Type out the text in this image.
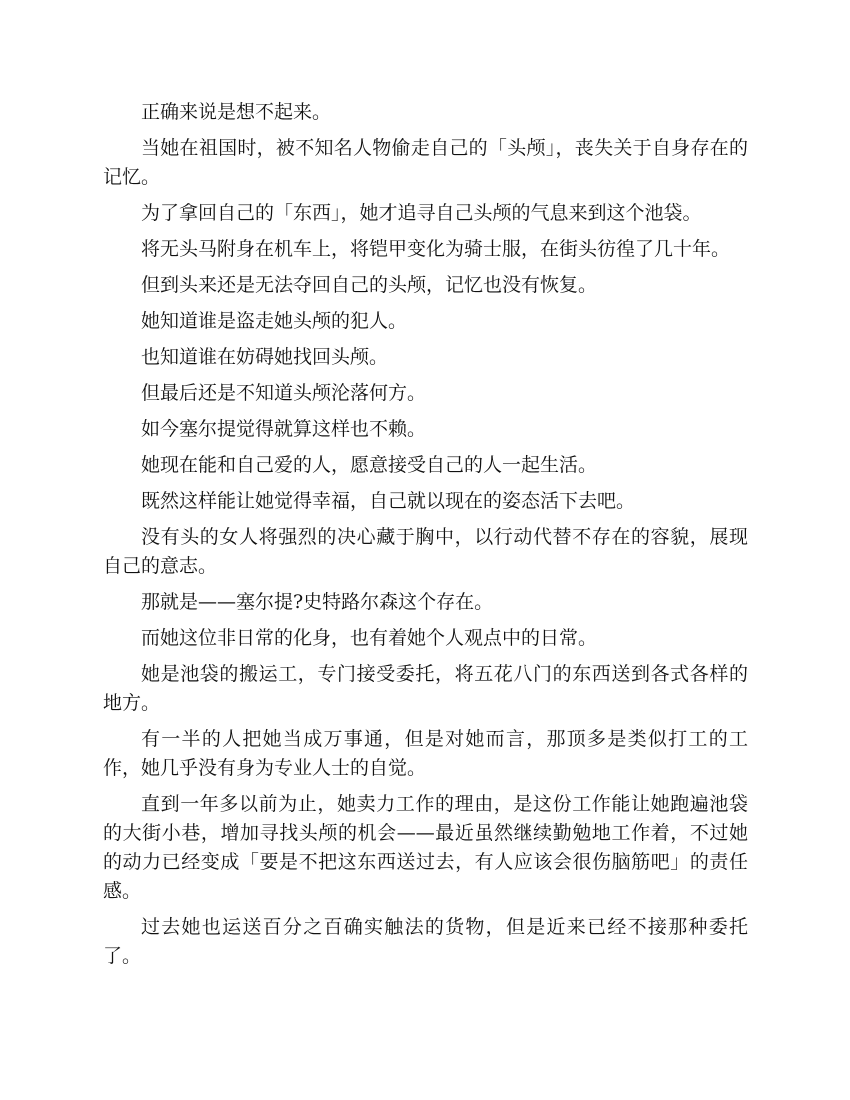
正确来说是想不起来。

当她在祖国时，被不知名人物偷走自己的「头颅」，丧失关于自身存在的记忆。

为了拿回自己的「东西」，她才追寻自己头颅的气息来到这个池袋。

将无头马附身在机车上，将铠甲变化为骑士服，在街头彷徨了几十年。

但到头来还是无法夺回自己的头颅，记忆也没有恢复。

她知道谁是盗走她头颅的犯人。

也知道谁在妨碍她找回头颅。

但最后还是不知道头颅沦落何方。

如今塞尔提觉得就算这样也不赖。

她现在能和自己爱的人，愿意接受自己的人一起生活。

既然这样能让她觉得幸福，自己就以现在的姿态活下去吧。

没有头的女人将强烈的决心藏于胸中，以行动代替不存在的容貌，展现自己的意志。

那就是——塞尔提?史特路尔森这个存在。

而她这位非日常的化身，也有着她个人观点中的日常。

她是池袋的搬运工，专门接受委托，将五花八门的东西送到各式各样的地方。

有一半的人把她当成万事通，但是对她而言，那顶多是类似打工的工作，她几乎没有身为专业人士的自觉。

直到一年多以前为止，她卖力工作的理由，是这份工作能让她跑遍池袋的大街小巷，增加寻找头颅的机会——最近虽然继续勤勉地工作着，不过她的动力已经变成「要是不把这东西送过去，有人应该会很伤脑筋吧」的责任感。

过去她也运送百分之百确实触法的货物，但是近来已经不接那种委托了。
